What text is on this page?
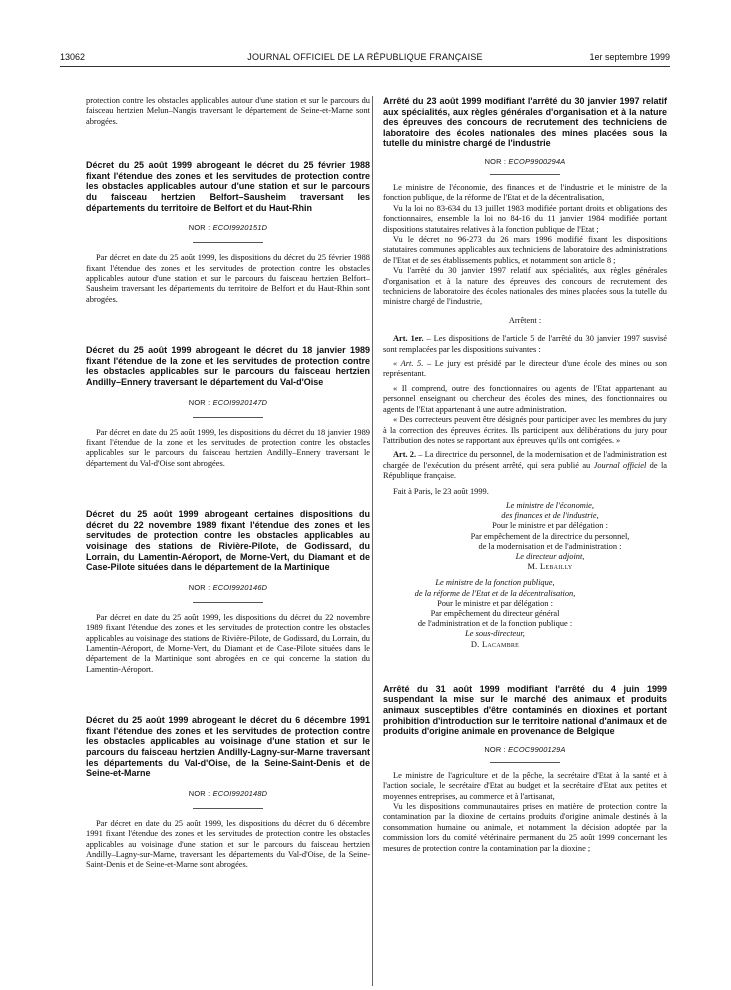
13062	JOURNAL OFFICIEL DE LA RÉPUBLIQUE FRANÇAISE	1er septembre 1999

protection contre les obstacles applicables autour d'une station et sur le parcours du faisceau hertzien Melun–Nangis traversant le département de Seine-et-Marne sont abrogées.

Décret du 25 août 1999 abrogeant le décret du 25 février 1988 fixant l'étendue des zones et les servitudes de protection contre les obstacles applicables autour d'une station et sur le parcours du faisceau hertzien Belfort–Sausheim traversant les départements du territoire de Belfort et du Haut-Rhin

NOR : ECOI9920151D

Par décret en date du 25 août 1999, les dispositions du décret du 25 février 1988 fixant l'étendue des zones et les servitudes de protection contre les obstacles applicables autour d'une station et sur le parcours du faisceau hertzien Belfort–Sausheim traversant les départements du territoire de Belfort et du Haut-Rhin sont abrogées.

Décret du 25 août 1999 abrogeant le décret du 18 janvier 1989 fixant l'étendue de la zone et les servitudes de protection contre les obstacles applicables sur le parcours du faisceau hertzien Andilly–Ennery traversant le département du Val-d'Oise

NOR : ECOI9920147D

Par décret en date du 25 août 1999, les dispositions du décret du 18 janvier 1989 fixant l'étendue de la zone et les servitudes de protection contre les obstacles applicables sur le parcours du faisceau hertzien Andilly–Ennery traversant le département du Val-d'Oise sont abrogées.

Décret du 25 août 1999 abrogeant certaines dispositions du décret du 22 novembre 1989 fixant l'étendue des zones et les servitudes de protection contre les obstacles applicables au voisinage des stations de Rivière-Pilote, de Godissard, du Lorrain, du Lamentin-Aéroport, de Morne-Vert, du Diamant et de Case-Pilote situées dans le département de la Martinique

NOR : ECOI9920146D

Par décret en date du 25 août 1999, les dispositions du décret du 22 novembre 1989 fixant l'étendue des zones et les servitudes de protection contre les obstacles applicables au voisinage des stations de Rivière-Pilote, de Godissard, du Lorrain, du Lamentin-Aéroport, de Morne-Vert, du Diamant et de Case-Pilote situées dans le département de la Martinique sont abrogées en ce qui concerne la station du Lamentin-Aéroport.

Décret du 25 août 1999 abrogeant le décret du 6 décembre 1991 fixant l'étendue des zones et les servitudes de protection contre les obstacles applicables au voisinage d'une station et sur le parcours du faisceau hertzien Andilly-Lagny-sur-Marne traversant les départements du Val-d'Oise, de la Seine-Saint-Denis et de Seine-et-Marne

NOR : ECOI9920148D

Par décret en date du 25 août 1999, les dispositions du décret du 6 décembre 1991 fixant l'étendue des zones et les servitudes de protection contre les obstacles applicables au voisinage d'une station et sur le parcours du faisceau hertzien Andilly–Lagny-sur-Marne, traversant les départements du Val-d'Oise, de la Seine-Saint-Denis et de Seine-et-Marne sont abrogées.

Arrêté du 23 août 1999 modifiant l'arrêté du 30 janvier 1997 relatif aux spécialités, aux règles générales d'organisation et à la nature des épreuves des concours de recrutement des techniciens de laboratoire des écoles nationales des mines placées sous la tutelle du ministre chargé de l'industrie

NOR : ECOP9900294A

Le ministre de l'économie, des finances et de l'industrie et le ministre de la fonction publique, de la réforme de l'Etat et de la décentralisation,

Vu la loi no 83-634 du 13 juillet 1983 modifiée portant droits et obligations des fonctionnaires, ensemble la loi no 84-16 du 11 janvier 1984 modifiée portant dispositions statutaires relatives à la fonction publique de l'Etat ;

Vu le décret no 96-273 du 26 mars 1996 modifié fixant les dispositions statutaires communes applicables aux techniciens de laboratoire des administrations de l'Etat et de ses établissements publics, et notamment son article 8 ;

Vu l'arrêté du 30 janvier 1997 relatif aux spécialités, aux règles générales d'organisation et à la nature des épreuves des concours de recrutement des techniciens de laboratoire des écoles nationales des mines placées sous la tutelle du ministre chargé de l'industrie,

Arrêtent :

Art. 1er. – Les dispositions de l'article 5 de l'arrêté du 30 janvier 1997 susvisé sont remplacées par les dispositions suivantes :

« Art. 5. – Le jury est présidé par le directeur d'une école des mines ou son représentant.

« Il comprend, outre des fonctionnaires ou agents de l'Etat appartenant au personnel enseignant ou chercheur des écoles des mines, des fonctionnaires ou agents de l'Etat appartenant à une autre administration.

« Des correcteurs peuvent être désignés pour participer avec les membres du jury à la correction des épreuves écrites. Ils participent aux délibérations du jury pour l'attribution des notes se rapportant aux épreuves qu'ils ont corrigées. »

Art. 2. – La directrice du personnel, de la modernisation et de l'administration est chargée de l'exécution du présent arrêté, qui sera publié au Journal officiel de la République française.

Fait à Paris, le 23 août 1999.

Le ministre de l'économie,

des finances et de l'industrie,

Pour le ministre et par délégation :

Par empêchement de la directrice du personnel,

de la modernisation et de l'administration :

Le directeur adjoint,

M. Lebailly

Le ministre de la fonction publique,

de la réforme de l'Etat et de la décentralisation,

Pour le ministre et par délégation :

Par empêchement du directeur général

de l'administration et de la fonction publique :

Le sous-directeur,

D. Lacambre

Arrêté du 31 août 1999 modifiant l'arrêté du 4 juin 1999 suspendant la mise sur le marché des animaux et produits animaux susceptibles d'être contaminés en dioxines et portant prohibition d'introduction sur le territoire national d'animaux et de produits d'origine animale en provenance de Belgique

NOR : ECOC9900129A

Le ministre de l'agriculture et de la pêche, la secrétaire d'Etat à la santé et à l'action sociale, le secrétaire d'Etat au budget et la secrétaire d'Etat aux petites et moyennes entreprises, au commerce et à l'artisanat,

Vu les dispositions communautaires prises en matière de protection contre la contamination par la dioxine de certains produits d'origine animale destinés à la consommation humaine ou animale, et notamment la décision adoptée par la commission lors du comité vétérinaire permanent du 25 août 1999 concernant les mesures de protection contre la contamination par la dioxine ;
